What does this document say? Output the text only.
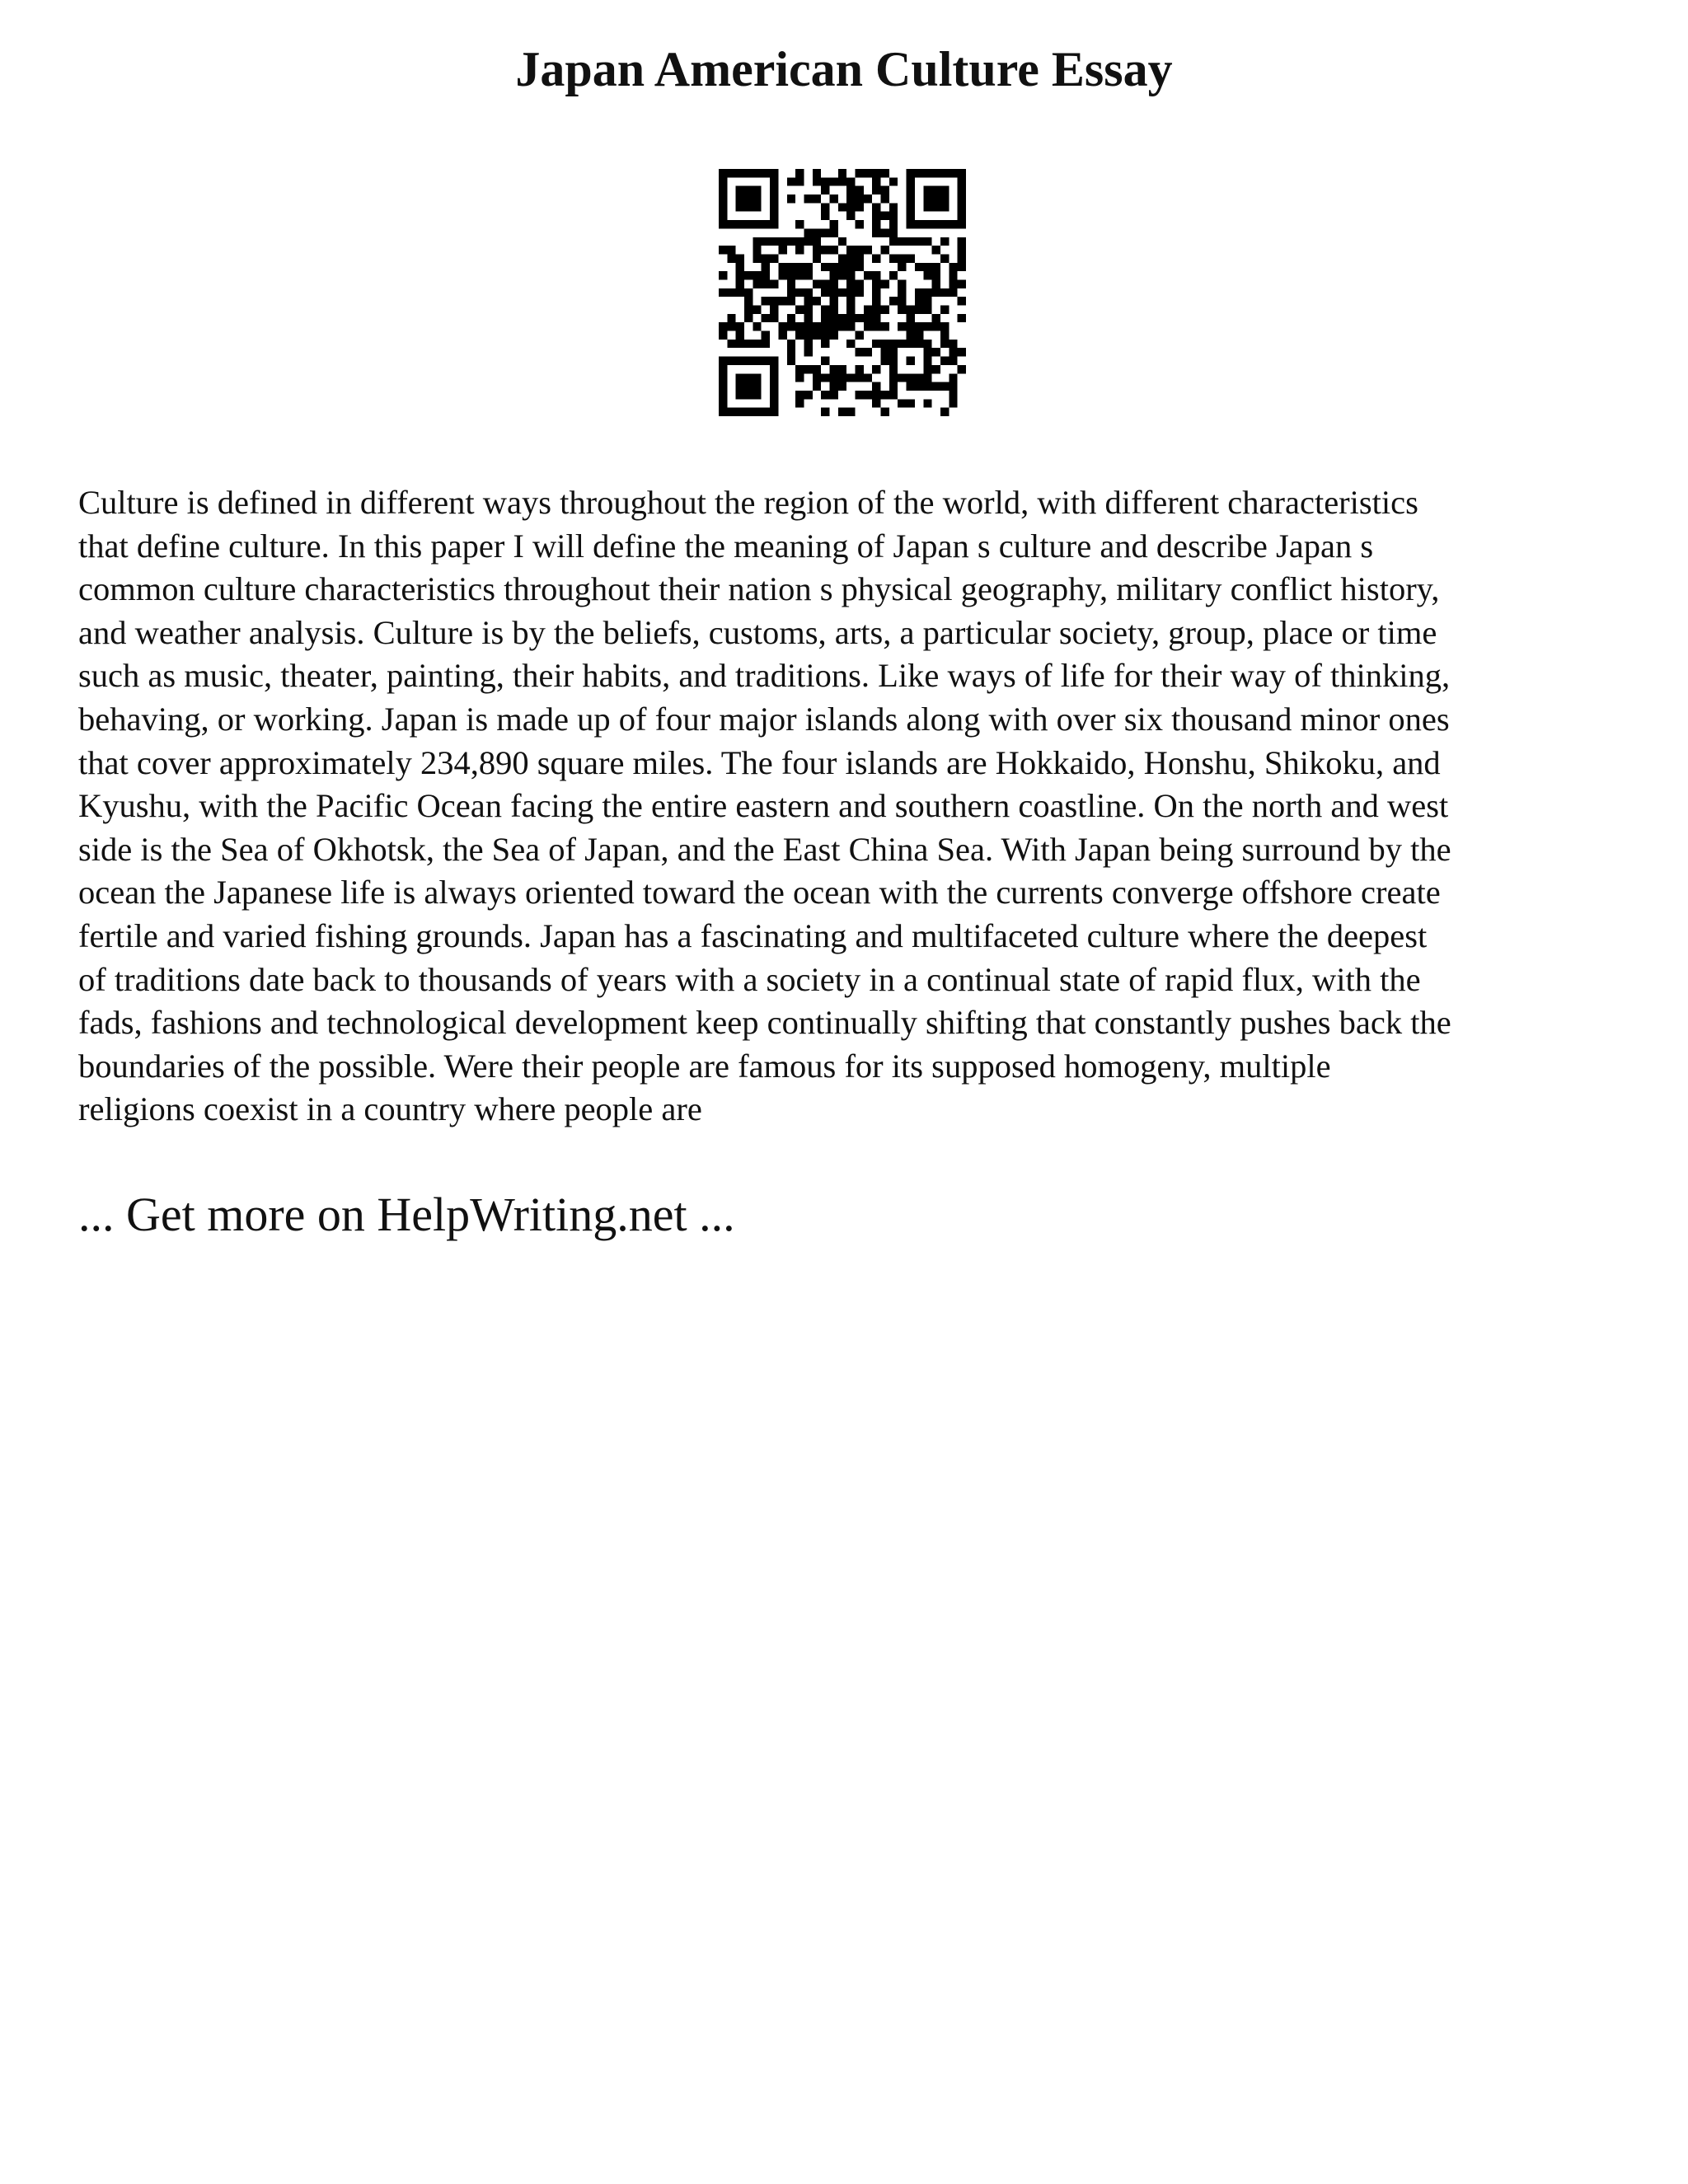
Japan American Culture Essay
Culture is defined in different ways throughout the region of the world, with different characteristics
that define culture. In this paper I will define the meaning of Japan s culture and describe Japan s
common culture characteristics throughout their nation s physical geography, military conflict history,
and weather analysis. Culture is by the beliefs, customs, arts, a particular society, group, place or time
such as music, theater, painting, their habits, and traditions. Like ways of life for their way of thinking,
behaving, or working. Japan is made up of four major islands along with over six thousand minor ones
that cover approximately 234,890 square miles. The four islands are Hokkaido, Honshu, Shikoku, and
Kyushu, with the Pacific Ocean facing the entire eastern and southern coastline. On the north and west
side is the Sea of Okhotsk, the Sea of Japan, and the East China Sea. With Japan being surround by the
ocean the Japanese life is always oriented toward the ocean with the currents converge offshore create
fertile and varied fishing grounds. Japan has a fascinating and multifaceted culture where the deepest
of traditions date back to thousands of years with a society in a continual state of rapid flux, with the
fads, fashions and technological development keep continually shifting that constantly pushes back the
boundaries of the possible. Were their people are famous for its supposed homogeny, multiple
religions coexist in a country where people are

... Get more on HelpWriting.net ...
